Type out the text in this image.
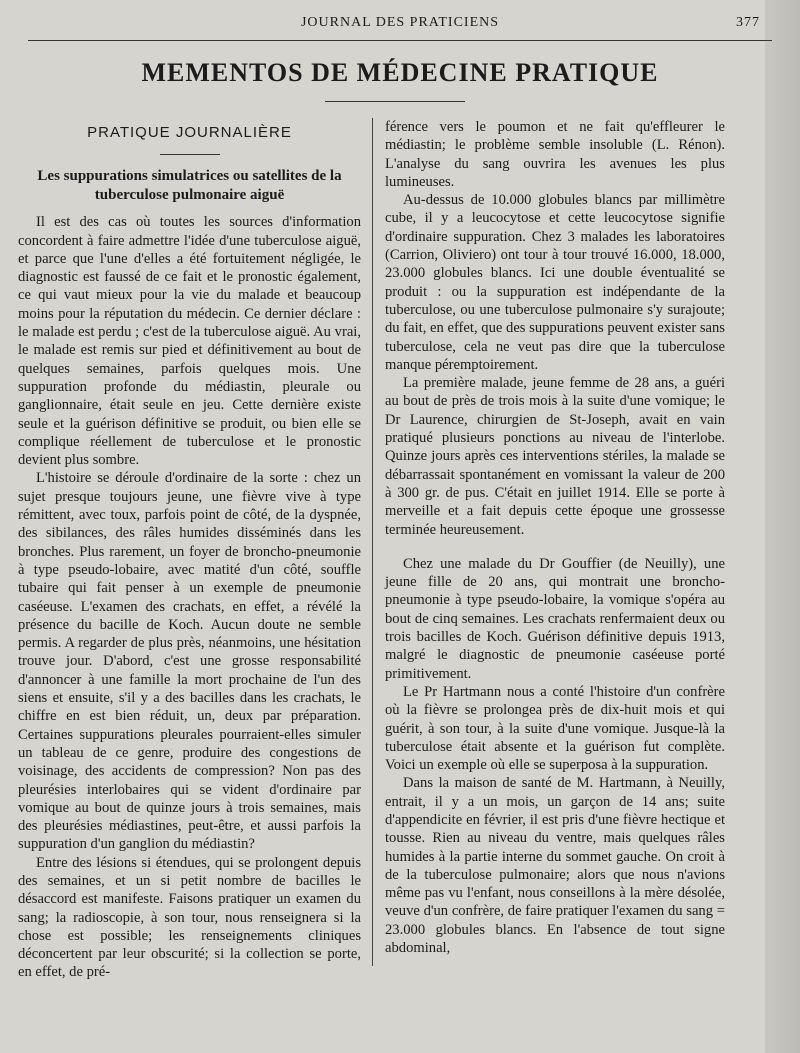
JOURNAL DES PRATICIENS	377
MEMENTOS DE MÉDECINE PRATIQUE
PRATIQUE JOURNALIÈRE
Les suppurations simulatrices ou satellites de la tuberculose pulmonaire aiguë

Il est des cas où toutes les sources d'information concordent à faire admettre l'idée d'une tuberculose aiguë, et parce que l'une d'elles a été fortuitement négligée, le diagnostic est faussé de ce fait et le pronostic également, ce qui vaut mieux pour la vie du malade et beaucoup moins pour la réputation du médecin. Ce dernier déclare : le malade est perdu ; c'est de la tuberculose aiguë. Au vrai, le malade est remis sur pied et définitivement au bout de quelques semaines, parfois quelques mois. Une suppuration profonde du médiastin, pleurale ou ganglionnaire, était seule en jeu. Cette dernière existe seule et la guérison définitive se produit, ou bien elle se complique réellement de tuberculose et le pronostic devient plus sombre.

L'histoire se déroule d'ordinaire de la sorte : chez un sujet presque toujours jeune, une fièvre vive à type rémittent, avec toux, parfois point de côté, de la dyspnée, des sibilances, des râles humides disséminés dans les bronches. Plus rarement, un foyer de broncho-pneumonie à type pseudo-lobaire, avec matité d'un côté, souffle tubaire qui fait penser à un exemple de pneumonie caséeuse. L'examen des crachats, en effet, a révélé la présence du bacille de Koch. Aucun doute ne semble permis. A regarder de plus près, néanmoins, une hésitation trouve jour. D'abord, c'est une grosse responsabilité d'annoncer à une famille la mort prochaine de l'un des siens et ensuite, s'il y a des bacilles dans les crachats, le chiffre en est bien réduit, un, deux par préparation. Certaines suppurations pleurales pourraient-elles simuler un tableau de ce genre, produire des congestions de voisinage, des accidents de compression? Non pas des pleurésies interlobaires qui se vident d'ordinaire par vomique au bout de quinze jours à trois semaines, mais des pleurésies médiastines, peut-être, et aussi parfois la suppuration d'un ganglion du médiastin?

Entre des lésions si étendues, qui se prolongent depuis des semaines, et un si petit nombre de bacilles le désaccord est manifeste. Faisons pratiquer un examen du sang; la radioscopie, à son tour, nous renseignera si la chose est possible; les renseignements cliniques déconcertent par leur obscurité; si la collection se porte, en effet, de pré-

férence vers le poumon et ne fait qu'effleurer le médiastin; le problème semble insoluble (L. Rénon). L'analyse du sang ouvrira les avenues les plus lumineuses.

Au-dessus de 10.000 globules blancs par millimètre cube, il y a leucocytose et cette leucocytose signifie d'ordinaire suppuration. Chez 3 malades les laboratoires (Carrion, Oliviero) ont tour à tour trouvé 16.000, 18.000, 23.000 globules blancs. Ici une double éventualité se produit : ou la suppuration est indépendante de la tuberculose, ou une tuberculose pulmonaire s'y surajoute; du fait, en effet, que des suppurations peuvent exister sans tuberculose, cela ne veut pas dire que la tuberculose manque péremptoirement.

La première malade, jeune femme de 28 ans, a guéri au bout de près de trois mois à la suite d'une vomique; le Dr Laurence, chirurgien de St-Joseph, avait en vain pratiqué plusieurs ponctions au niveau de l'interlobe. Quinze jours après ces interventions stériles, la malade se débarrassait spontanément en vomissant la valeur de 200 à 300 gr. de pus. C'était en juillet 1914. Elle se porte à merveille et a fait depuis cette époque une grossesse terminée heureusement.

Chez une malade du Dr Gouffier (de Neuilly), une jeune fille de 20 ans, qui montrait une broncho-pneumonie à type pseudo-lobaire, la vomique s'opéra au bout de cinq semaines. Les crachats renfermaient deux ou trois bacilles de Koch. Guérison définitive depuis 1913, malgré le diagnostic de pneumonie caséeuse porté primitivement.

Le Pr Hartmann nous a conté l'histoire d'un confrère où la fièvre se prolongea près de dix-huit mois et qui guérit, à son tour, à la suite d'une vomique. Jusque-là la tuberculose était absente et la guérison fut complète. Voici un exemple où elle se superposa à la suppuration.

Dans la maison de santé de M. Hartmann, à Neuilly, entrait, il y a un mois, un garçon de 14 ans; suite d'appendicite en février, il est pris d'une fièvre hectique et tousse. Rien au niveau du ventre, mais quelques râles humides à la partie interne du sommet gauche. On croit à de la tuberculose pulmonaire; alors que nous n'avions même pas vu l'enfant, nous conseillons à la mère désolée, veuve d'un confrère, de faire pratiquer l'examen du sang = 23.000 globules blancs. En l'absence de tout signe abdominal,
